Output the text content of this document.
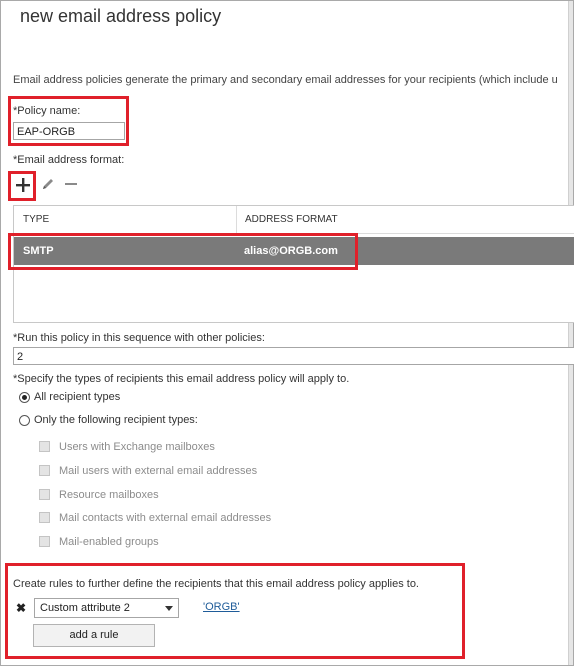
new email address policy
Email address policies generate the primary and secondary email addresses for your recipients (which include u
*Policy name:
EAP-ORGB
*Email address format:
TYPE	ADDRESS FORMAT
SMTP	alias@ORGB.com
*Run this policy in this sequence with other policies:
2
*Specify the types of recipients this email address policy will apply to.
All recipient types
Only the following recipient types:
Users with Exchange mailboxes
Mail users with external email addresses
Resource mailboxes
Mail contacts with external email addresses
Mail-enabled groups
Create rules to further define the recipients that this email address policy applies to.
✖	Custom attribute 2	'ORGB'
add a rule
